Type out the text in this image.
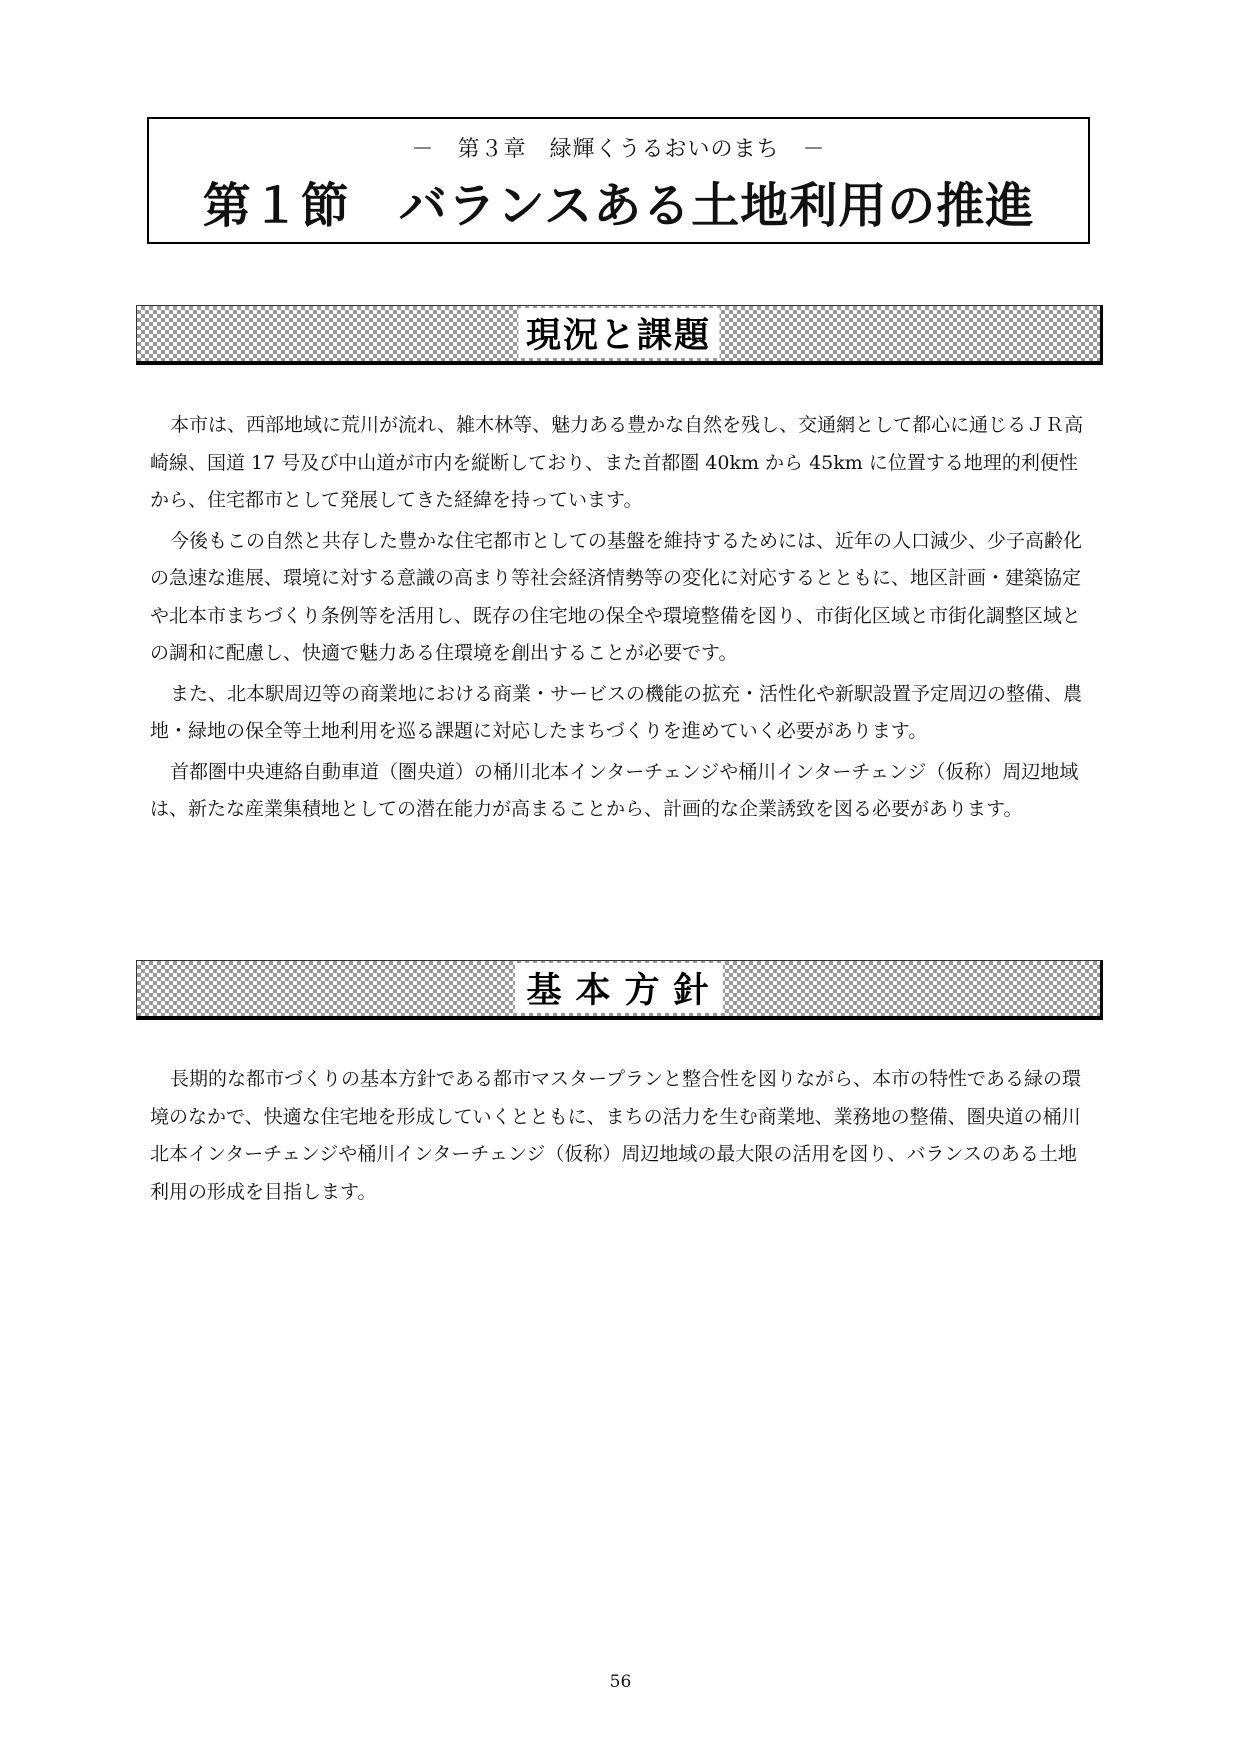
－　第３章　緑輝くうるおいのまち　－
第１節　バランスある土地利用の推進
現況と課題

本市は、西部地域に荒川が流れ、雑木林等、魅力ある豊かな自然を残し、交通網として都心に通じるＪＲ高崎線、国道 17 号及び中山道が市内を縦断しており、また首都圏 40km から 45km に位置する地理的利便性から、住宅都市として発展してきた経緯を持っています。

今後もこの自然と共存した豊かな住宅都市としての基盤を維持するためには、近年の人口減少、少子高齢化の急速な進展、環境に対する意識の高まり等社会経済情勢等の変化に対応するとともに、地区計画・建築協定や北本市まちづくり条例等を活用し、既存の住宅地の保全や環境整備を図り、市街化区域と市街化調整区域との調和に配慮し、快適で魅力ある住環境を創出することが必要です。

また、北本駅周辺等の商業地における商業・サービスの機能の拡充・活性化や新駅設置予定周辺の整備、農地・緑地の保全等土地利用を巡る課題に対応したまちづくりを進めていく必要があります。

首都圏中央連絡自動車道（圏央道）の桶川北本インターチェンジや桶川インターチェンジ（仮称）周辺地域は、新たな産業集積地としての潜在能力が高まることから、計画的な企業誘致を図る必要があります。

基本方針

長期的な都市づくりの基本方針である都市マスタープランと整合性を図りながら、本市の特性である緑の環境のなかで、快適な住宅地を形成していくとともに、まちの活力を生む商業地、業務地の整備、圏央道の桶川北本インターチェンジや桶川インターチェンジ（仮称）周辺地域の最大限の活用を図り、バランスのある土地利用の形成を目指します。

56
